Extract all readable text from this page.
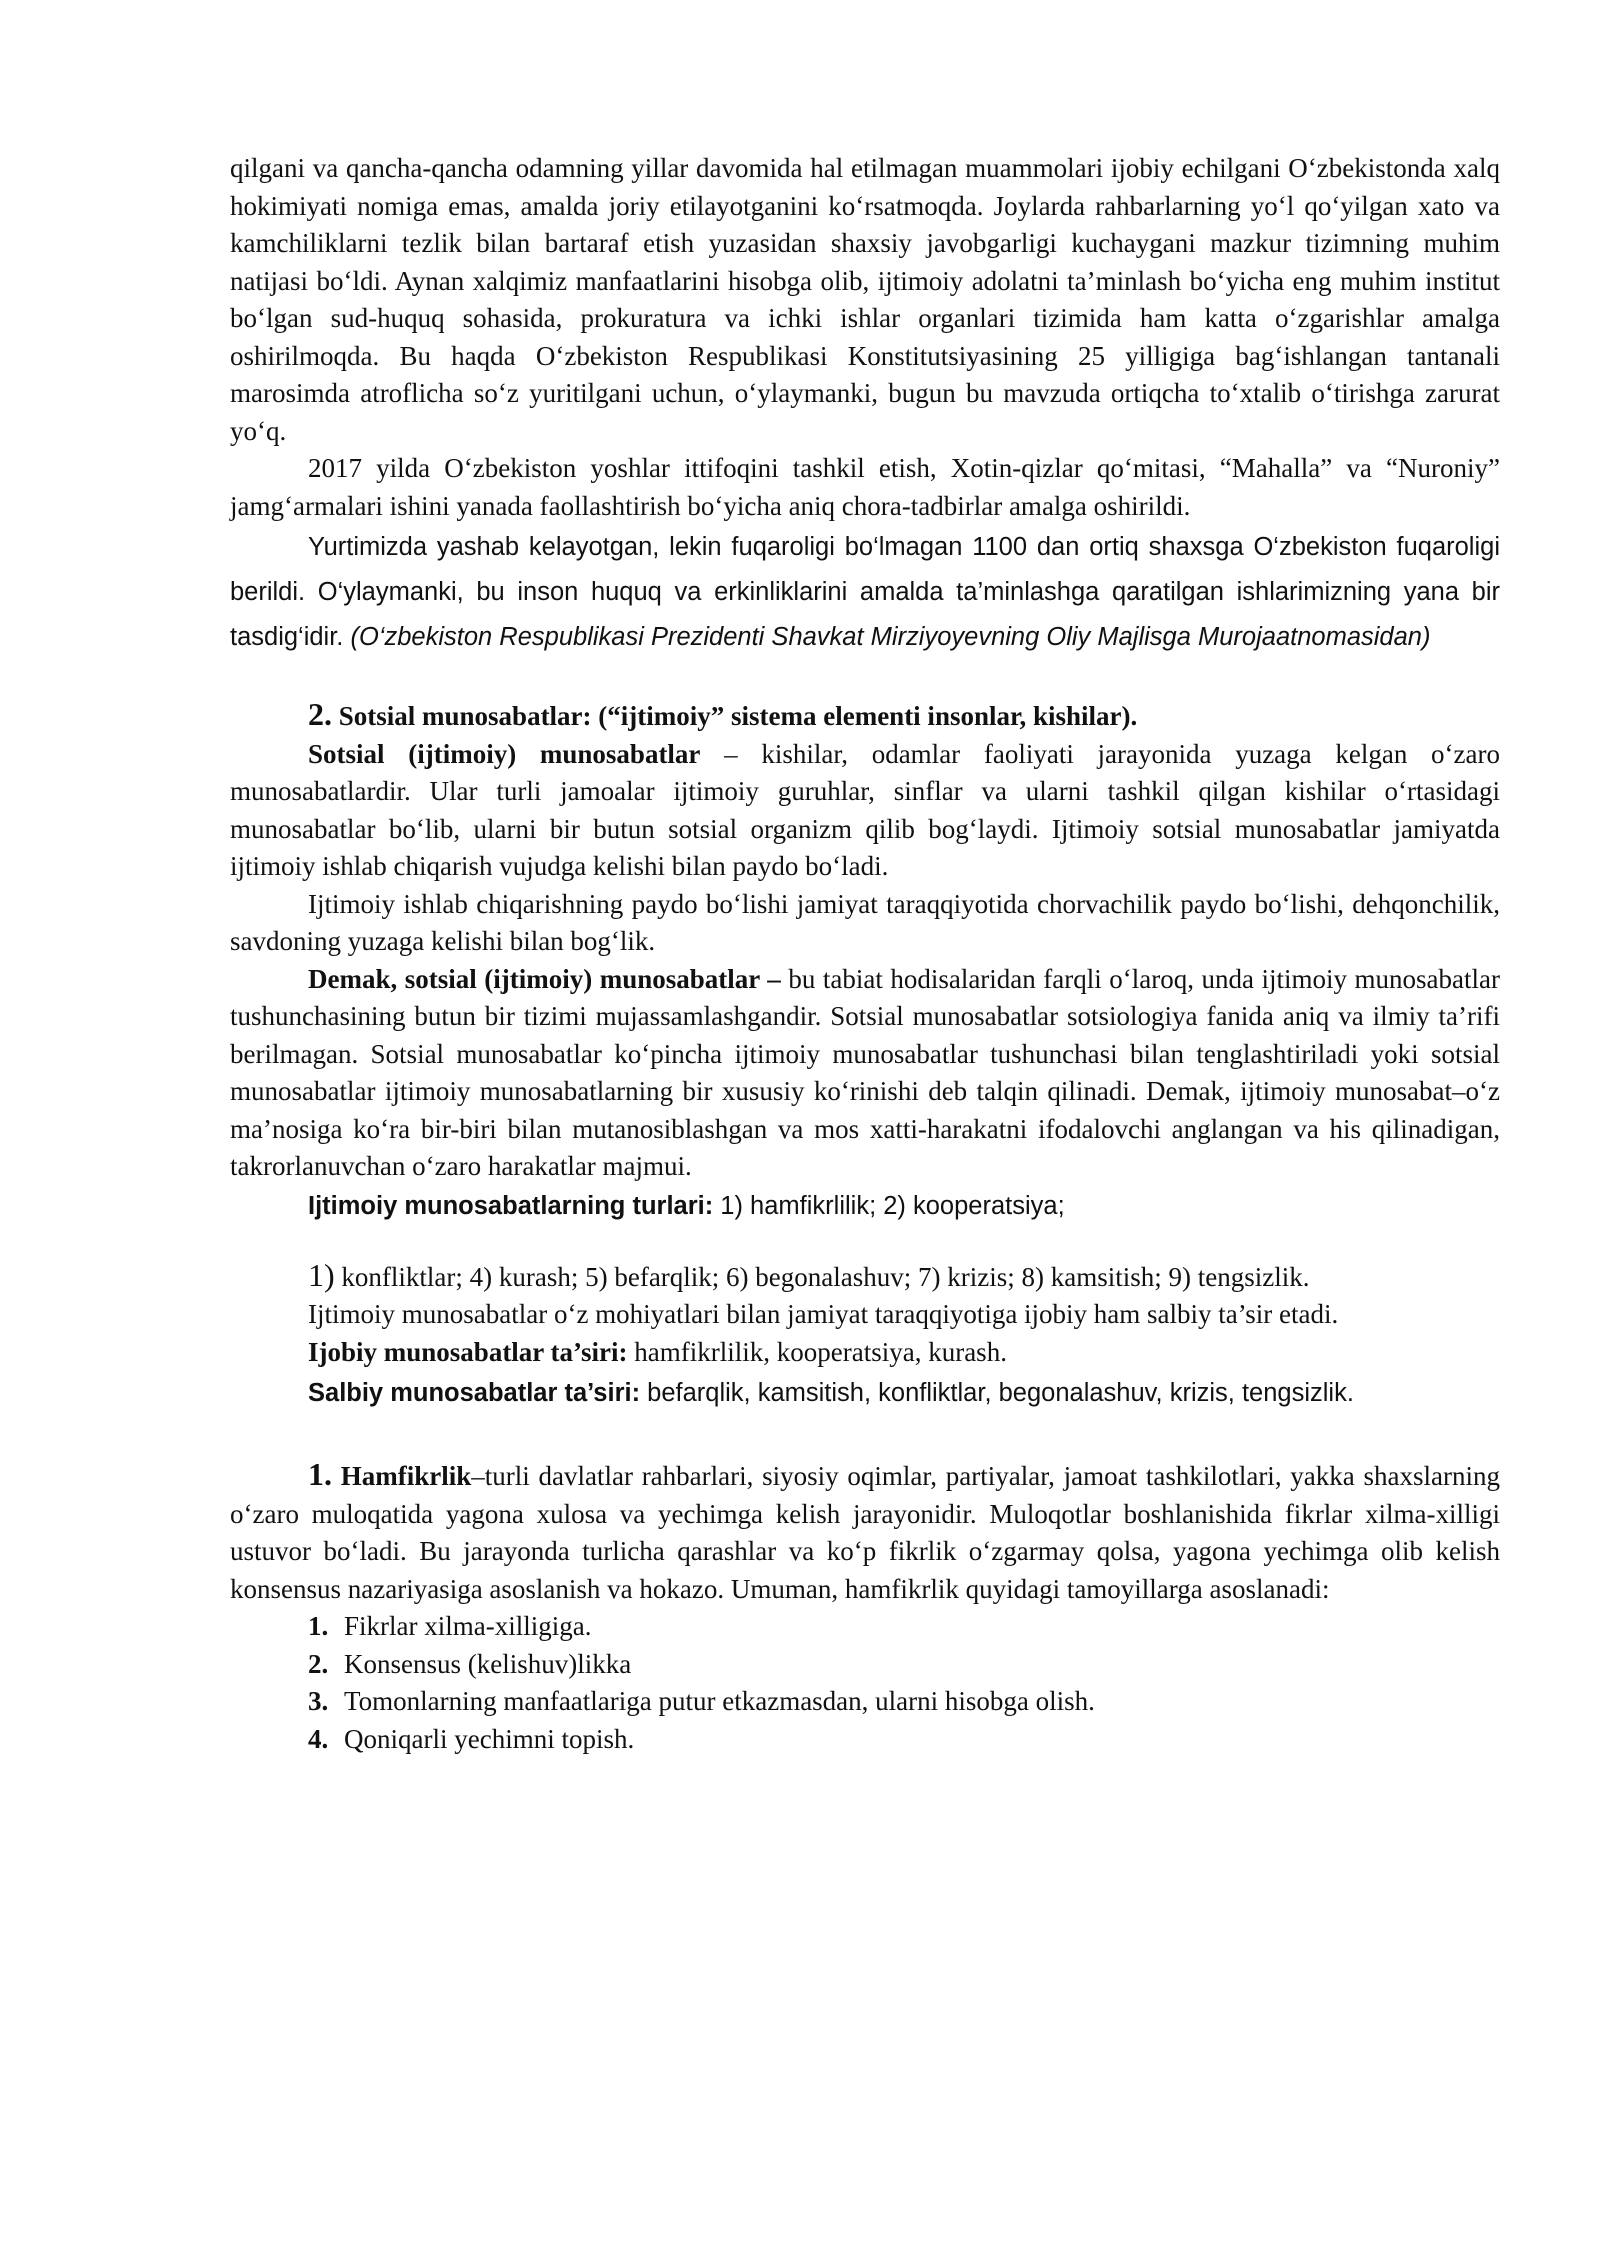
qilgani va qancha-qancha odamning yillar davomida hal etilmagan muammolari ijobiy echilgani O‘zbekistonda xalq hokimiyati nomiga emas, amalda joriy etilayotganini ko‘rsatmoqda. Joylarda rahbarlarning yo‘l qo‘yilgan xato va kamchiliklarni tezlik bilan bartaraf etish yuzasidan shaxsiy javobgarligi kuchaygani mazkur tizimning muhim natijasi bo‘ldi. Aynan xalqimiz manfaatlarini hisobga olib, ijtimoiy adolatni ta’minlash bo‘yicha eng muhim institut bo‘lgan sud-huquq sohasida, prokuratura va ichki ishlar organlari tizimida ham katta o‘zgarishlar amalga oshirilmoqda. Bu haqda O‘zbekiston Respublikasi Konstitutsiyasining 25 yilligiga bag‘ishlangan tantanali marosimda atroflicha so‘z yuritilgani uchun, o‘ylaymanki, bugun bu mavzuda ortiqcha to‘xtalib o‘tirishga zarurat yo‘q.

2017 yilda O‘zbekiston yoshlar ittifoqini tashkil etish, Xotin-qizlar qo‘mitasi, “Mahalla” va “Nuroniy” jamg‘armalari ishini yanada faollashtirish bo‘yicha aniq chora-tadbirlar amalga oshirildi.

Yurtimizda yashab kelayotgan, lekin fuqaroligi bo‘lmagan 1100 dan ortiq shaxsga O‘zbekiston fuqaroligi berildi. O‘ylaymanki, bu inson huquq va erkinliklarini amalda ta’minlashga qaratilgan ishlarimizning yana bir tasdig‘idir. (O‘zbekiston Respublikasi Prezidenti Shavkat Mirziyoyevning Oliy Majlisga Murojaatnomasidan)

2. Sotsial munosabatlar: (“ijtimoiy” sistema elementi insonlar, kishilar).

Sotsial (ijtimoiy) munosabatlar – kishilar, odamlar faoliyati jarayonida yuzaga kelgan o‘zaro munosabatlardir. Ular turli jamoalar ijtimoiy guruhlar, sinflar va ularni tashkil qilgan kishilar o‘rtasidagi munosabatlar bo‘lib, ularni bir butun sotsial organizm qilib bog‘laydi. Ijtimoiy sotsial munosabatlar jamiyatda ijtimoiy ishlab chiqarish vujudga kelishi bilan paydo bo‘ladi.

Ijtimoiy ishlab chiqarishning paydo bo‘lishi jamiyat taraqqiyotida chorvachilik paydo bo‘lishi, dehqonchilik, savdoning yuzaga kelishi bilan bog‘lik.

Demak, sotsial (ijtimoiy) munosabatlar – bu tabiat hodisalaridan farqli o‘laroq, unda ijtimoiy munosabatlar tushunchasining butun bir tizimi mujassamlashgandir. Sotsial munosabatlar sotsiologiya fanida aniq va ilmiy ta’rifi berilmagan. Sotsial munosabatlar ko‘pincha ijtimoiy munosabatlar tushunchasi bilan tenglashtiriladi yoki sotsial munosabatlar ijtimoiy munosabatlarning bir xususiy ko‘rinishi deb talqin qilinadi. Demak, ijtimoiy munosabat–o‘z ma’nosiga ko‘ra bir-biri bilan mutanosiblashgan va mos xatti-harakatni ifodalovchi anglangan va his qilinadigan, takrorlanuvchan o‘zaro harakatlar majmui.

Ijtimoiy munosabatlarning turlari: 1) hamfikrlilik; 2) kooperatsiya;

1) konfliktlar; 4) kurash; 5) befarqlik; 6) begonalashuv; 7) krizis; 8) kamsitish; 9) tengsizlik.

Ijtimoiy munosabatlar o‘z mohiyatlari bilan jamiyat taraqqiyotiga ijobiy ham salbiy ta’sir etadi.

Ijobiy munosabatlar ta’siri: hamfikrlilik, kooperatsiya, kurash.

Salbiy munosabatlar ta’siri: befarqlik, kamsitish, konfliktlar, begonalashuv, krizis, tengsizlik.

1. Hamfikrlik–turli davlatlar rahbarlari, siyosiy oqimlar, partiyalar, jamoat tashkilotlari, yakka shaxslarning o‘zaro muloqatida yagona xulosa va yechimga kelish jarayonidir. Muloqotlar boshlanishida fikrlar xilma-xilligi ustuvor bo‘ladi. Bu jarayonda turlicha qarashlar va ko‘p fikrlik o‘zgarmay qolsa, yagona yechimga olib kelish konsensus nazariyasiga asoslanish va hokazo. Umuman, hamfikrlik quyidagi tamoyillarga asoslanadi:

1. Fikrlar xilma-xilligiga.
2. Konsensus (kelishuv)likka
3. Tomonlarning manfaatlariga putur etkazmasdan, ularni hisobga olish.
4. Qoniqarli yechimni topish.
